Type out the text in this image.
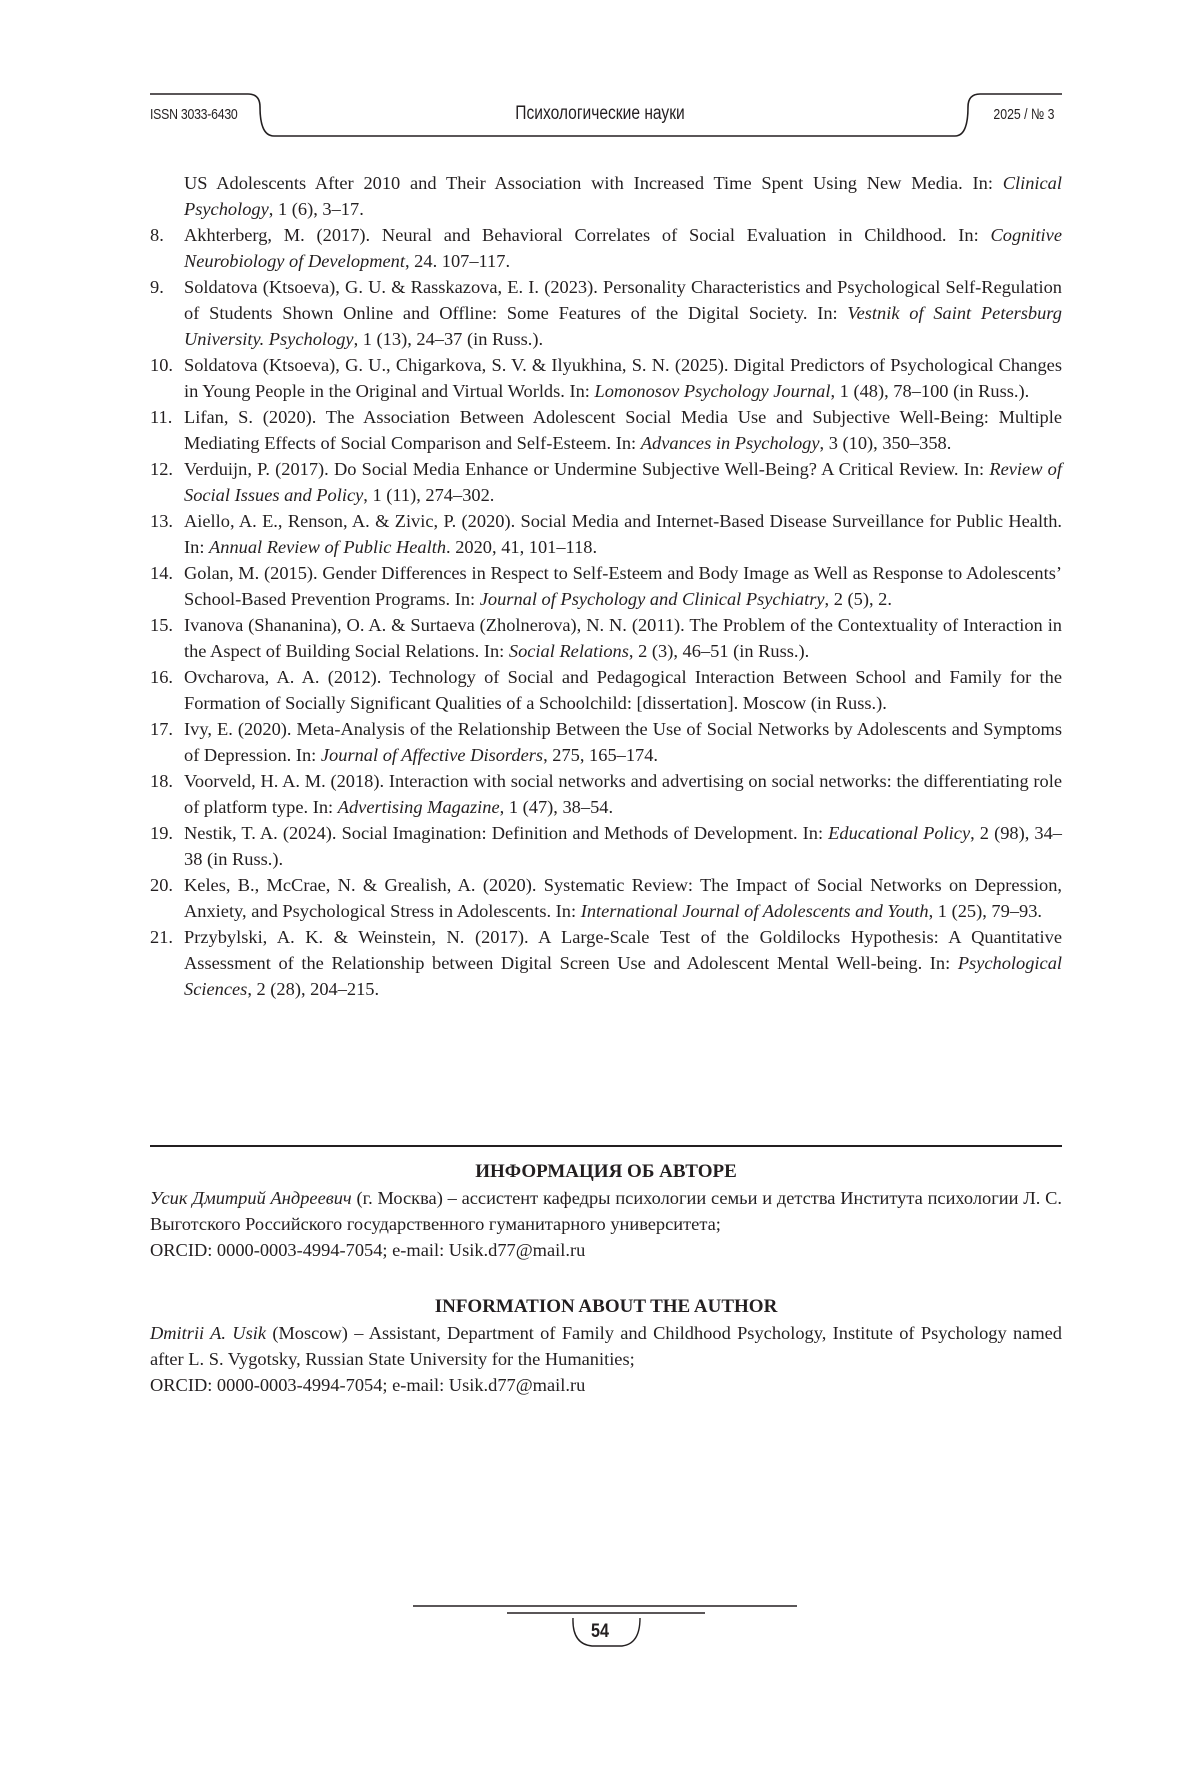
ISSN 3033-6430	Психологические науки	2025 / № 3
US Adolescents After 2010 and Their Association with Increased Time Spent Using New Media. In: Clinical Psychology, 1 (6), 3–17.
8.	Akhterberg, M. (2017). Neural and Behavioral Correlates of Social Evaluation in Childhood. In: Cognitive Neurobiology of Development, 24. 107–117.
9.	Soldatova (Ktsoeva), G. U. & Rasskazova, E. I. (2023). Personality Characteristics and Psychological Self-Regulation of Students Shown Online and Offline: Some Features of the Digital Society. In: Vestnik of Saint Petersburg University. Psychology, 1 (13), 24–37 (in Russ.).
10. Soldatova (Ktsoeva), G. U., Chigarkova, S. V. & Ilyukhina, S. N. (2025). Digital Predictors of Psychological Changes in Young People in the Original and Virtual Worlds. In: Lomonosov Psychology Journal, 1 (48), 78–100 (in Russ.).
11. Lifan, S. (2020). The Association Between Adolescent Social Media Use and Subjective Well-Being: Multiple Mediating Effects of Social Comparison and Self-Esteem. In: Advances in Psychology, 3 (10), 350–358.
12. Verduijn, P. (2017). Do Social Media Enhance or Undermine Subjective Well-Being? A Critical Review. In: Review of Social Issues and Policy, 1 (11), 274–302.
13. Aiello, A. E., Renson, A. & Zivic, P. (2020). Social Media and Internet-Based Disease Surveillance for Public Health. In: Annual Review of Public Health. 2020, 41, 101–118.
14. Golan, M. (2015). Gender Differences in Respect to Self-Esteem and Body Image as Well as Response to Adolescents’ School-Based Prevention Programs. In: Journal of Psychology and Clinical Psychiatry, 2 (5), 2.
15. Ivanova (Shananina), O. A. & Surtaeva (Zholnerova), N. N. (2011). The Problem of the Contextuality of Interaction in the Aspect of Building Social Relations. In: Social Relations, 2 (3), 46–51 (in Russ.).
16. Ovcharova, A. A. (2012). Technology of Social and Pedagogical Interaction Between School and Family for the Formation of Socially Significant Qualities of a Schoolchild: [dissertation]. Moscow (in Russ.).
17. Ivy, E. (2020). Meta-Analysis of the Relationship Between the Use of Social Networks by Adolescents and Symptoms of Depression. In: Journal of Affective Disorders, 275, 165–174.
18. Voorveld, H. A. M. (2018). Interaction with social networks and advertising on social networks: the differentiating role of platform type. In: Advertising Magazine, 1 (47), 38–54.
19. Nestik, T. A. (2024). Social Imagination: Definition and Methods of Development. In: Educational Policy, 2 (98), 34–38 (in Russ.).
20. Keles, B., McCrae, N. & Grealish, A. (2020). Systematic Review: The Impact of Social Networks on Depression, Anxiety, and Psychological Stress in Adolescents. In: International Journal of Adolescents and Youth, 1 (25), 79–93.
21. Przybylski, A. K. & Weinstein, N. (2017). A Large-Scale Test of the Goldilocks Hypothesis: A Quantitative Assessment of the Relationship between Digital Screen Use and Adolescent Mental Well-being. In: Psychological Sciences, 2 (28), 204–215.
ИНФОРМАЦИЯ ОБ АВТОРЕ

Усик Дмитрий Андреевич (г. Москва) – ассистент кафедры психологии семьи и детства Института психологии Л. С. Выготского Российского государственного гуманитарного университета;

ORCID: 0000-0003-4994-7054; e-mail: Usik.d77@mail.ru

INFORMATION ABOUT THE AUTHOR

Dmitrii A. Usik (Moscow) – Assistant, Department of Family and Childhood Psychology, Institute of Psychology named after L. S. Vygotsky, Russian State University for the Humanities;

ORCID: 0000-0003-4994-7054; e-mail: Usik.d77@mail.ru

54
